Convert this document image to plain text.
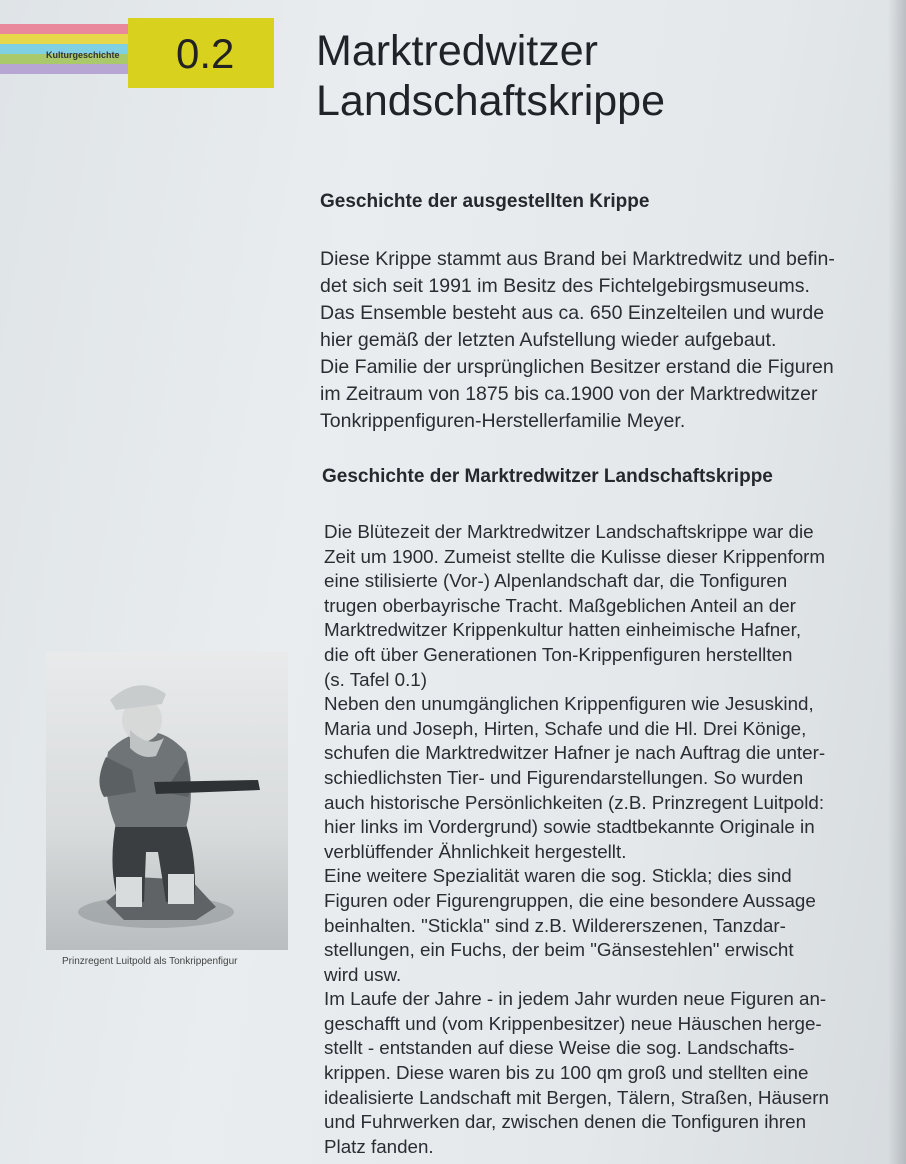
Kulturgeschichte 0.2 Marktredwitzer
Landschaftskrippe
Geschichte der ausgestellten Krippe

Diese Krippe stammt aus Brand bei Marktredwitz und befin-

det sich seit 1991 im Besitz des Fichtelgebirgsmuseums.

Das Ensemble besteht aus ca. 650 Einzelteilen und wurde

hier gemäß der letzten Aufstellung wieder aufgebaut.

Die Familie der ursprünglichen Besitzer erstand die Figuren

im Zeitraum von 1875 bis ca.1900 von der Marktredwitzer

Tonkrippenfiguren-Herstellerfamilie Meyer.

Geschichte der Marktredwitzer Landschaftskrippe

Die Blütezeit der Marktredwitzer Landschaftskrippe war die

Zeit um 1900. Zumeist stellte die Kulisse dieser Krippenform

eine stilisierte (Vor-) Alpenlandschaft dar, die Tonfiguren

trugen oberbayrische Tracht. Maßgeblichen Anteil an der

Marktredwitzer Krippenkultur hatten einheimische Hafner,

die oft über Generationen Ton-Krippenfiguren herstellten

(s. Tafel 0.1)

Neben den unumgänglichen Krippenfiguren wie Jesuskind,

Maria und Joseph, Hirten, Schafe und die Hl. Drei Könige,

schufen die Marktredwitzer Hafner je nach Auftrag die unter-

schiedlichsten Tier- und Figurendarstellungen. So wurden

auch historische Persönlichkeiten (z.B. Prinzregent Luitpold:

hier links im Vordergrund) sowie stadtbekannte Originale in

verblüffender Ähnlichkeit hergestellt.

Eine weitere Spezialität waren die sog. Stickla; dies sind

Figuren oder Figurengruppen, die eine besondere Aussage

beinhalten. "Stickla" sind z.B. Wildererszenen, Tanzdar-

stellungen, ein Fuchs, der beim "Gänsestehlen" erwischt

wird usw.

Im Laufe der Jahre - in jedem Jahr wurden neue Figuren an-

geschafft und (vom Krippenbesitzer) neue Häuschen herge-

stellt - entstanden auf diese Weise die sog. Landschafts-

krippen. Diese waren bis zu 100 qm groß und stellten eine

idealisierte Landschaft mit Bergen, Tälern, Straßen, Häusern

und Fuhrwerken dar, zwischen denen die Tonfiguren ihren

Platz fanden.

Prinzregent Luitpold als Tonkrippenfigur
